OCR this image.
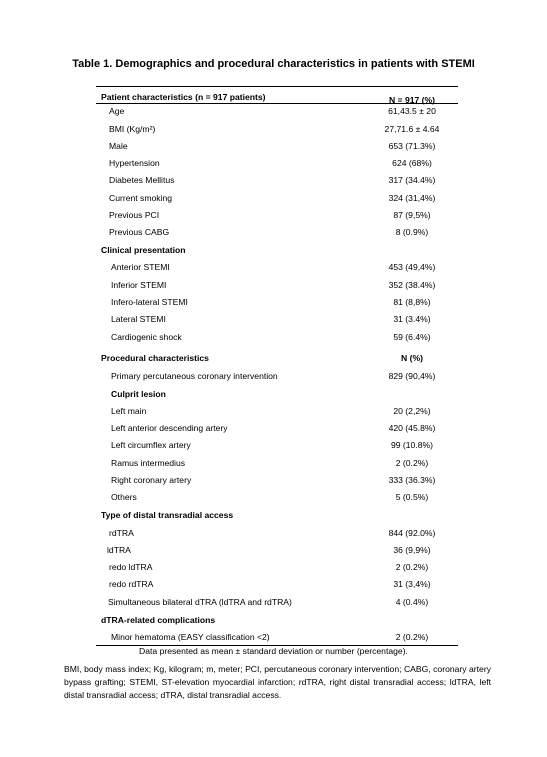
Table 1. Demographics and procedural characteristics in patients with STEMI
Patient characteristics (n = 917 patients)	N = 917 (%)
Age	61,43.5 ± 20
BMI (Kg/m²)	27,71.6 ± 4.64
Male	653 (71.3%)
Hypertension	624 (68%)
Diabetes Mellitus	317 (34.4%)
Current smoking	324 (31,4%)
Previous PCI	87 (9,5%)
Previous CABG	8 (0.9%)
Clinical presentation
Anterior STEMI	453 (49,4%)
Inferior STEMI	352 (38.4%)
Infero-lateral STEMI	81 (8,8%)
Lateral STEMI	31 (3.4%)
Cardiogenic shock	59 (6.4%)
Procedural characteristics	N (%)
Primary percutaneous coronary intervention	829 (90,4%)
Culprit lesion
Left main	20 (2,2%)
Left anterior descending artery	420 (45.8%)
Left circumflex artery	99 (10.8%)
Ramus intermedius	2 (0.2%)
Right coronary artery	333 (36.3%)
Others	5 (0.5%)
Type of distal transradial access
rdTRA	844 (92.0%)
ldTRA	36 (9,9%)
redo ldTRA	2 (0.2%)
redo rdTRA	31 (3,4%)
Simultaneous bilateral dTRA (ldTRA and rdTRA)	4 (0.4%)
dTRA-related complications
Minor hematoma (EASY classification <2)	2 (0.2%)
Data presented as mean ± standard deviation or number (percentage).
BMI, body mass index; Kg, kilogram; m, meter; PCI, percutaneous coronary intervention; CABG, coronary artery bypass grafting; STEMI, ST-elevation myocardial infarction; rdTRA, right distal transradial access; ldTRA, left distal transradial access; dTRA, distal transradial access.
